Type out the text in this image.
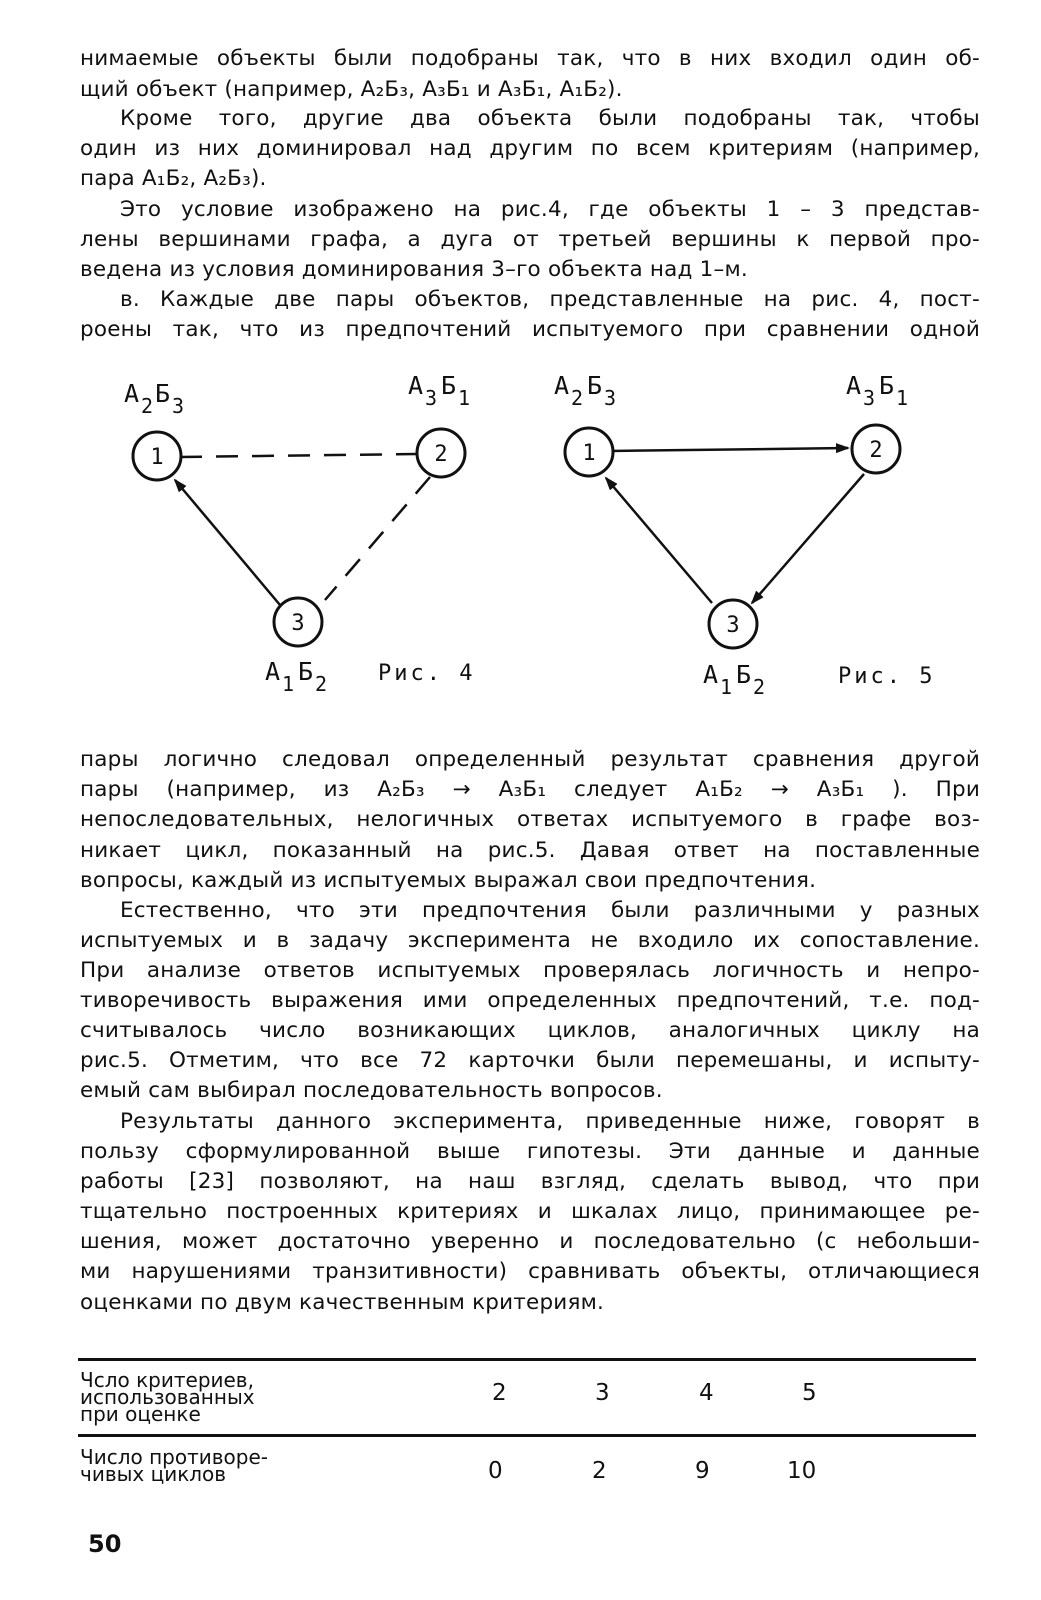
нимаемые объекты были подобраны так, что в них входил один об-
щий объект (например, А₂Б₃, А₃Б₁ и А₃Б₁, А₁Б₂).
Кроме того, другие два объекта были подобраны так, чтобы
один из них доминировал над другим по всем критериям (например,
пара А₁Б₂, А₂Б₃).
Это условие изображено на рис.4, где объекты 1 – 3 представ-
лены вершинами графа, а дуга от третьей вершины к первой про-
ведена из условия доминирования 3–го объекта над 1–м.
в. Каждые две пары объектов, представленные на рис. 4, пост-
роены так, что из предпочтений испытуемого при сравнении одной
1	2
3
А 2 Б 3
А 3 Б 1
А 1 Б 2 Рис. 4
1	2
3
А 2 Б 3	А 3 Б 1
А 1 Б 2	Рис. 5
пары логично следовал определенный результат сравнения другой
пары (например, из А₂Б₃ → А₃Б₁ следует А₁Б₂ → А₃Б₁ ). При
непоследовательных, нелогичных ответах испытуемого в графе воз-
никает цикл, показанный на рис.5. Давая ответ на поставленные
вопросы, каждый из испытуемых выражал свои предпочтения.
Естественно, что эти предпочтения были различными у разных
испытуемых и в задачу эксперимента не входило их сопоставление.
При анализе ответов испытуемых проверялась логичность и непро-
тиворечивость выражения ими определенных предпочтений, т.е. под-
считывалось число возникающих циклов, аналогичных циклу на
рис.5. Отметим, что все 72 карточки были перемешаны, и испыту-
емый сам выбирал последовательность вопросов.
Результаты данного эксперимента, приведенные ниже, говорят в
пользу сформулированной выше гипотезы. Эти данные и данные
работы [23] позволяют, на наш взгляд, сделать вывод, что при
тщательно построенных критериях и шкалах лицо, принимающее ре-
шения, может достаточно уверенно и последовательно (с небольши-
ми нарушениями транзитивности) сравнивать объекты, отличающиеся
оценками по двум качественным критериям.
Чсло критериев,
использованных
при оценке
2	3	4	5
Число противоре-
чивых циклов	0	2	9	10
50
